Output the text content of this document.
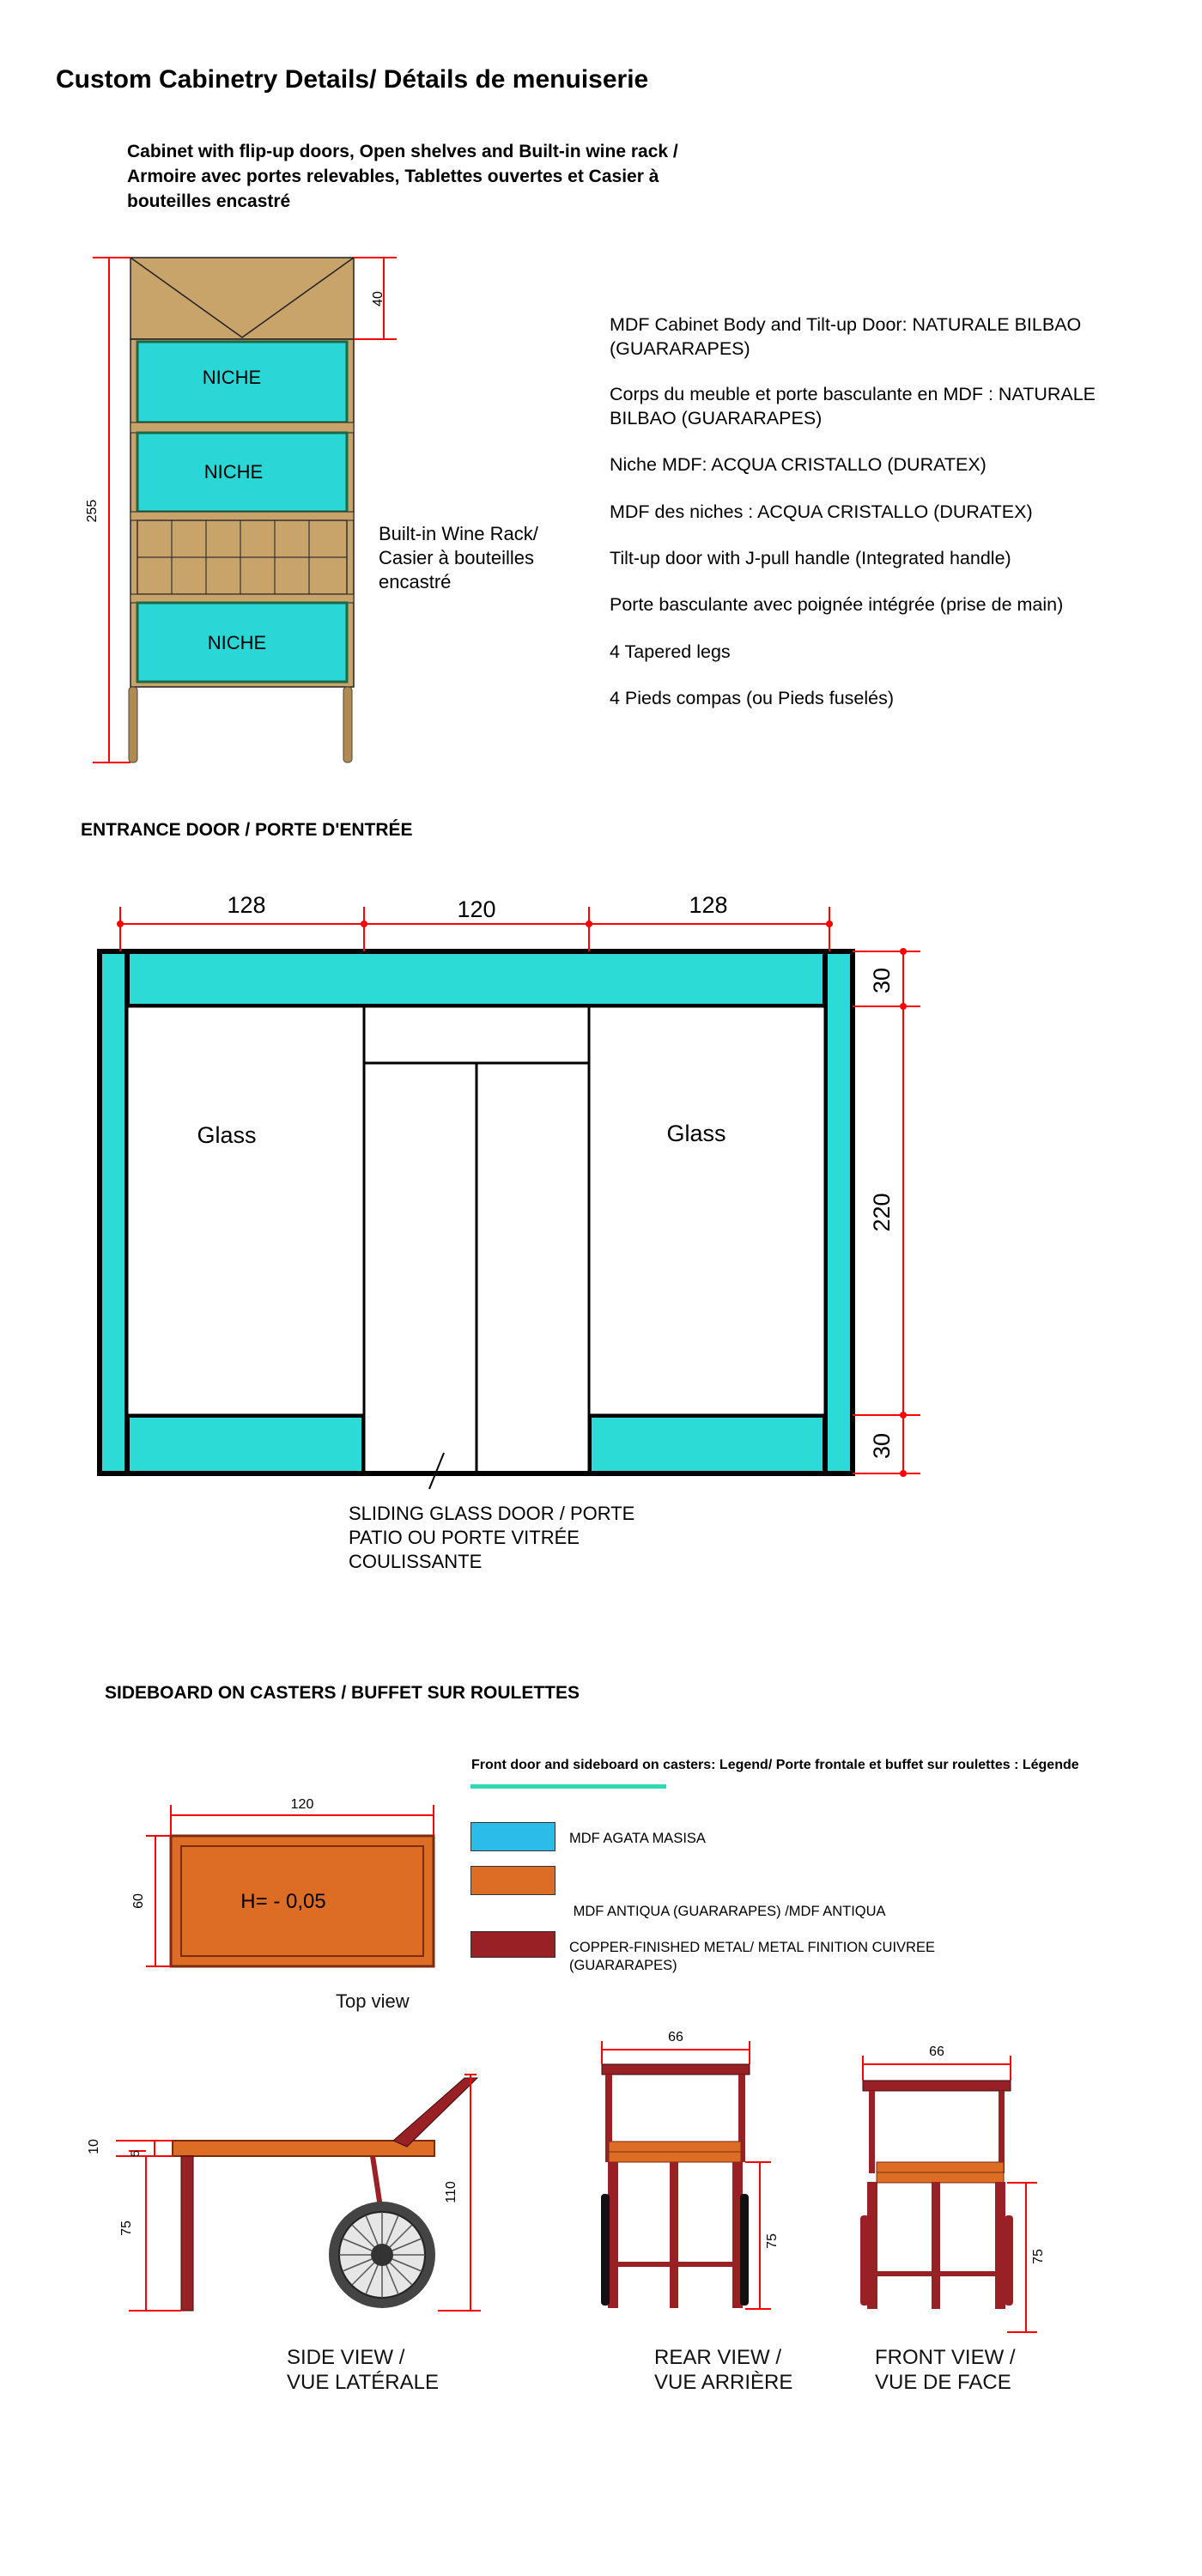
Custom Cabinetry Details/ Détails de menuiserie
Cabinet with flip-up doors, Open shelves and Built-in wine rack /
Armoire avec portes relevables, Tablettes ouvertes et Casier à
bouteilles encastré
255
40
NICHE
NICHE
NICHE
Built-in Wine Rack/
Casier à bouteilles
encastré
MDF Cabinet Body and Tilt-up Door: NATURALE BILBAO (GUARARAPES)
Corps du meuble et porte basculante en MDF : NATURALE BILBAO (GUARARAPES)
Niche MDF: ACQUA CRISTALLO (DURATEX)
MDF des niches : ACQUA CRISTALLO (DURATEX)
Tilt-up door with J-pull handle (Integrated handle)
Porte basculante avec poignée intégrée (prise de main)
4 Tapered legs
4 Pieds compas (ou Pieds fuselés)
ENTRANCE DOOR / PORTE D'ENTRÉE
128	120	128
30
220
30
Glass	Glass
SLIDING GLASS DOOR / PORTE
PATIO OU PORTE VITRÉE
COULISSANTE
SIDEBOARD ON CASTERS / BUFFET SUR ROULETTES
Front door and sideboard on casters: Legend/ Porte frontale et buffet sur roulettes : Légende
MDF AGATA MASISA

MDF ANTIQUA (GUARARAPES) /MDF ANTIQUA

(GUARARAPES)

COPPER-FINISHED METAL/ METAL FINITION CUIVREE
120
60	H= - 0,05
10 5
75
110
66
75
66
75
Top view
SIDE VIEW /
VUE LATÉRALE
REAR VIEW /
VUE ARRIÈRE
FRONT VIEW /
VUE DE FACE
